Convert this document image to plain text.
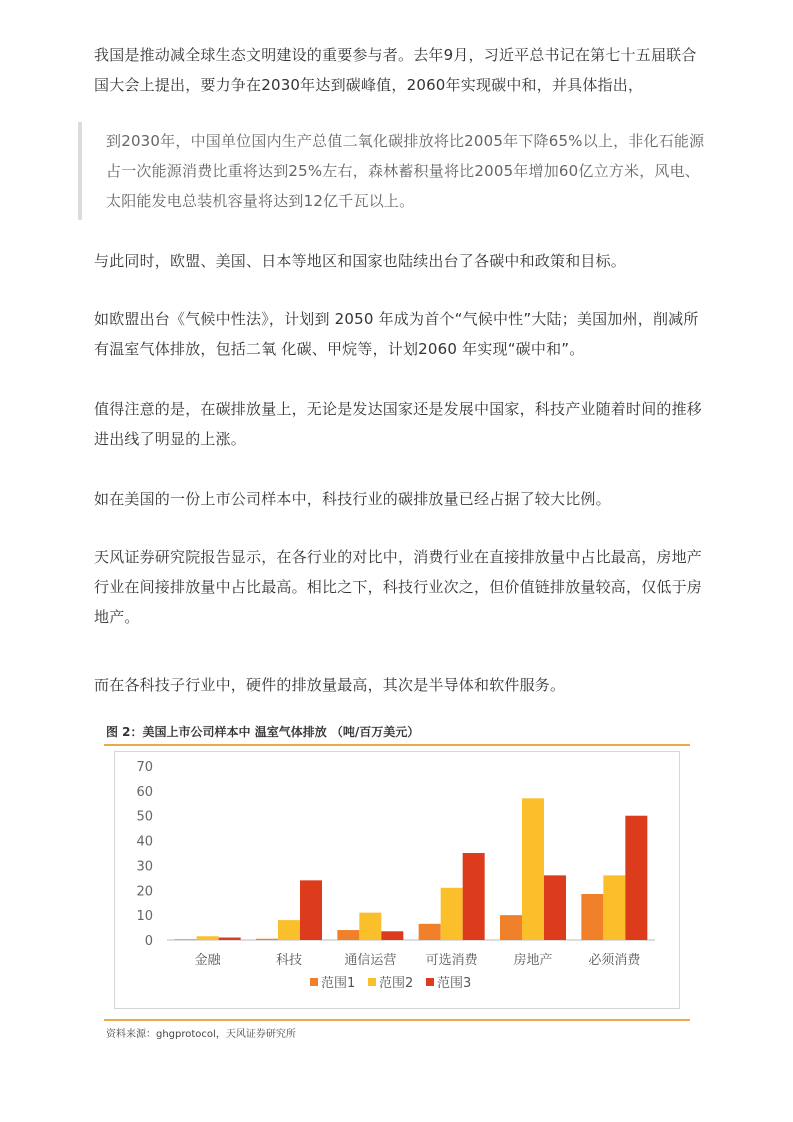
我国是推动减全球生态文明建设的重要参与者。去年9月，习近平总书记在第七十五届联合国大会上提出，要力争在2030年达到碳峰值，2060年实现碳中和，并具体指出，

到2030年，中国单位国内生产总值二氧化碳排放将比2005年下降65%以上，非化石能源占一次能源消费比重将达到25%左右，森林蓄积量将比2005年增加60亿立方米，风电、太阳能发电总装机容量将达到12亿千瓦以上。

与此同时，欧盟、美国、日本等地区和国家也陆续出台了各碳中和政策和目标。

如欧盟出台《气候中性法》，计划到 2050 年成为首个“气候中性”大陆；美国加州，削减所有温室气体排放，包括二氧 化碳、甲烷等，计划2060 年实现“碳中和”。

值得注意的是，在碳排放量上，无论是发达国家还是发展中国家，科技产业随着时间的推移进出线了明显的上涨。

如在美国的一份上市公司样本中，科技行业的碳排放量已经占据了较大比例。

天风证券研究院报告显示，在各行业的对比中，消费行业在直接排放量中占比最高，房地产行业在间接排放量中占比最高。相比之下，科技行业次之，但价值链排放量较高，仅低于房地产。

而在各科技子行业中，硬件的排放量最高，其次是半导体和软件服务。

图 2：美国上市公司样本中 温室气体排放 （吨/百万美元）
0
10
20
30
40
50
60
70
金融	科技	通信运营 可选消费	房地产	必须消费
范围1 范围2 范围3
资料来源：ghgprotocol，天风证券研究所
